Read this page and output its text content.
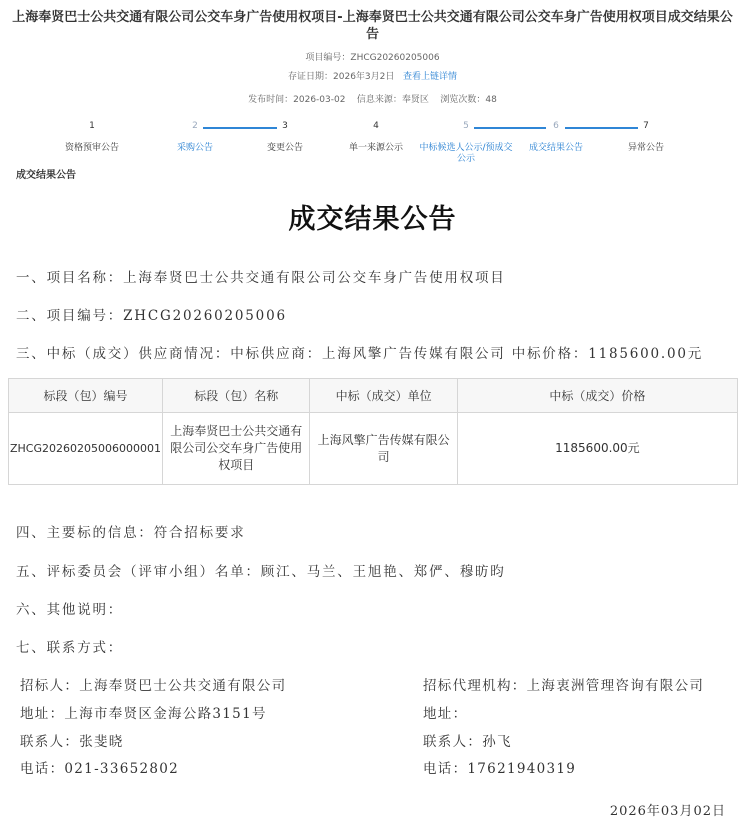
上海奉贤巴士公共交通有限公司公交车身广告使用权项目-上海奉贤巴士公共交通有限公司公交车身广告使用权项目成交结果公告
项目编号：ZHCG20260205006
存证日期：2026年3月2日 查看上链详情
发布时间：2026-03-02 信息来源：奉贤区 浏览次数：48
1
资格预审公告
2
采购公告
3
变更公告
4
单一来源公示
5
中标候选人公示/预成交公示
6
成交结果公告
7
异常公告
成交结果公告
成交结果公告
一、项目名称：上海奉贤巴士公共交通有限公司公交车身广告使用权项目
二、项目编号：ZHCG20260205006
三、中标（成交）供应商情况：中标供应商：上海风擎广告传媒有限公司 中标价格：1185600.00元
标段（包）编号	标段（包）名称	中标（成交）单位	中标（成交）价格
ZHCG20260205006000001	上海奉贤巴士公共交通有限公司公交车身广告使用权项目	上海风擎广告传媒有限公司	1185600.00元
四、主要标的信息：符合招标要求
五、评标委员会（评审小组）名单：顾江、马兰、王旭艳、郑俨、穆昉昀
六、其他说明：
七、联系方式：
招标人：上海奉贤巴士公共交通有限公司
地址：上海市奉贤区金海公路3151号
联系人：张斐晓
电话：021-33652802
招标代理机构：上海衷洲管理咨询有限公司
地址：
联系人：孙飞
电话：17621940319
2026年03月02日
